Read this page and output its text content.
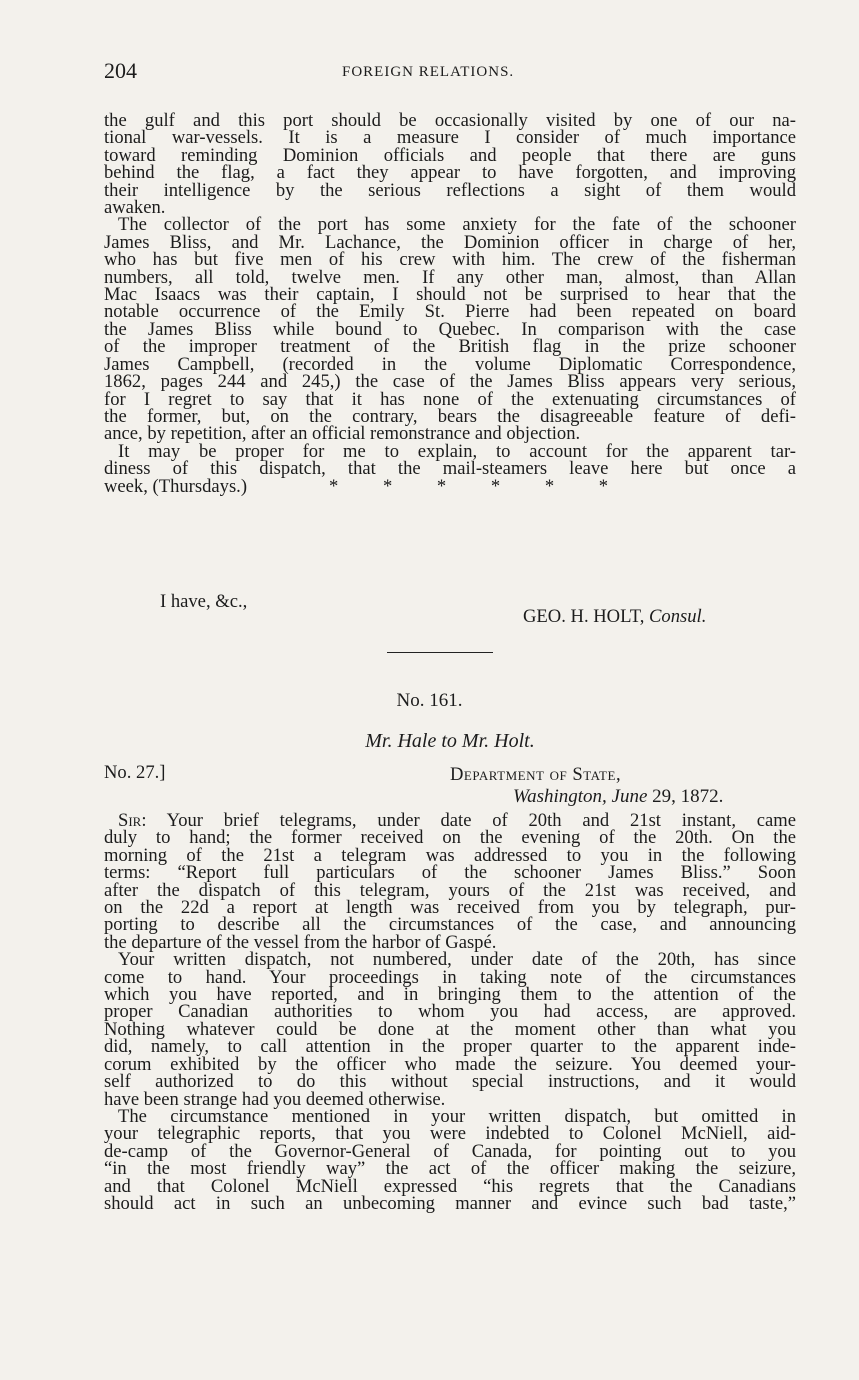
204	FOREIGN RELATIONS.

the gulf and this port should be occasionally visited by one of our na-
tional war-vessels. It is a measure I consider of much importance
toward reminding Dominion officials and people that there are guns
behind the flag, a fact they appear to have forgotten, and improving
their intelligence by the serious reflections a sight of them would
awaken.

The collector of the port has some anxiety for the fate of the schooner
James Bliss, and Mr. Lachance, the Dominion officer in charge of her,
who has but five men of his crew with him. The crew of the fisherman
numbers, all told, twelve men. If any other man, almost, than Allan
Mac Isaacs was their captain, I should not be surprised to hear that the
notable occurrence of the Emily St. Pierre had been repeated on board
the James Bliss while bound to Quebec. In comparison with the case
of the improper treatment of the British flag in the prize schooner
James Campbell, (recorded in the volume Diplomatic Correspondence,
1862, pages 244 and 245,) the case of the James Bliss appears very serious,
for I regret to say that it has none of the extenuating circumstances of
the former, but, on the contrary, bears the disagreeable feature of defi-
ance, by repetition, after an official remonstrance and objection.

It may be proper for me to explain, to account for the apparent tar-
diness of this dispatch, that the mail-steamers leave here but once a
week, (Thursdays.)	* * * * * *

I have, &c.,
GEO. H. HOLT, Consul.
No. 161.
Mr. Hale to Mr. Holt.
No. 27.]	Department of State,
Washington, June 29, 1872.

Sir: Your brief telegrams, under date of 20th and 21st instant, came
duly to hand; the former received on the evening of the 20th. On the
morning of the 21st a telegram was addressed to you in the following
terms: “Report full particulars of the schooner James Bliss.” Soon
after the dispatch of this telegram, yours of the 21st was received, and
on the 22d a report at length was received from you by telegraph, pur-
porting to describe all the circumstances of the case, and announcing
the departure of the vessel from the harbor of Gaspé.

Your written dispatch, not numbered, under date of the 20th, has since
come to hand. Your proceedings in taking note of the circumstances
which you have reported, and in bringing them to the attention of the
proper Canadian authorities to whom you had access, are approved.
Nothing whatever could be done at the moment other than what you
did, namely, to call attention in the proper quarter to the apparent inde-
corum exhibited by the officer who made the seizure. You deemed your-
self authorized to do this without special instructions, and it would
have been strange had you deemed otherwise.

The circumstance mentioned in your written dispatch, but omitted in
your telegraphic reports, that you were indebted to Colonel McNiell, aid-
de-camp of the Governor-General of Canada, for pointing out to you
“in the most friendly way” the act of the officer making the seizure,
and that Colonel McNiell expressed “his regrets that the Canadians
should act in such an unbecoming manner and evince such bad taste,”
